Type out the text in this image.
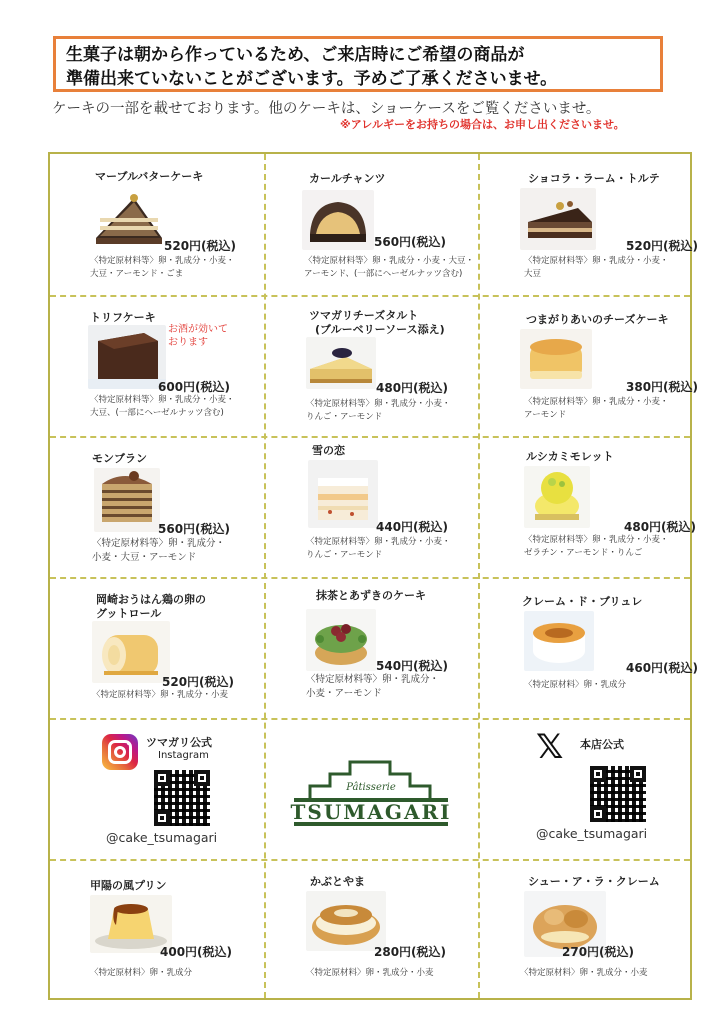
生菓子は朝から作っているため、ご来店時にご希望の商品が
準備出来ていないことがございます。予めご了承くださいませ。
ケーキの一部を載せております。他のケーキは、ショーケースをご覧くださいませ。
※アレルギーをお持ちの場合は、お申し出くださいませ。
マーブルバターケーキ
520円(税込)
〈特定原材料等〉卵・乳成分・小麦・
大豆・アーモンド・ごま
カールチャンツ
560円(税込)
〈特定原材料等〉卵・乳成分・小麦・大豆・
アーモンド、(一部にヘーゼルナッツ含む)
ショコラ・ラーム・トルテ
520円(税込)
〈特定原材料等〉卵・乳成分・小麦・
大豆
トリフケーキ
お酒が効いて
おります
600円(税込)
〈特定原材料等〉卵・乳成分・小麦・
大豆、(一部にヘーゼルナッツ含む)
ツマガリチーズタルト
(ブルーベリーソース添え)
480円(税込)
〈特定原材料等〉卵・乳成分・小麦・
りんご・アーモンド
つまがりあいのチーズケーキ
380円(税込)
〈特定原材料等〉卵・乳成分・小麦・
アーモンド
モンブラン
560円(税込)
〈特定原材料等〉卵・乳成分・
小麦・大豆・アーモンド
雪の恋
440円(税込)
〈特定原材料等〉卵・乳成分・小麦・
りんご・アーモンド
ルシカミモレット
480円(税込)
〈特定原材料等〉卵・乳成分・小麦・
ゼラチン・アーモンド・りんご
岡崎おうはん鶏の卵の
グットロール
520円(税込)
〈特定原材料等〉卵・乳成分・小麦
抹茶とあずきのケーキ
540円(税込)
〈特定原材料等〉卵・乳成分・
小麦・アーモンド
クレーム・ド・ブリュレ
460円(税込)
〈特定原材料〉卵・乳成分
ツマガリ公式
Instagram
@cake_tsumagari
Pâtisserie
TSUMAGARI
𝕏 本店公式
@cake_tsumagari
甲陽の風プリン
400円(税込)
〈特定原材料〉卵・乳成分
かぶとやま
280円(税込)
〈特定原材料〉卵・乳成分・小麦
シュー・ア・ラ・クレーム
270円(税込)
〈特定原材料〉卵・乳成分・小麦
